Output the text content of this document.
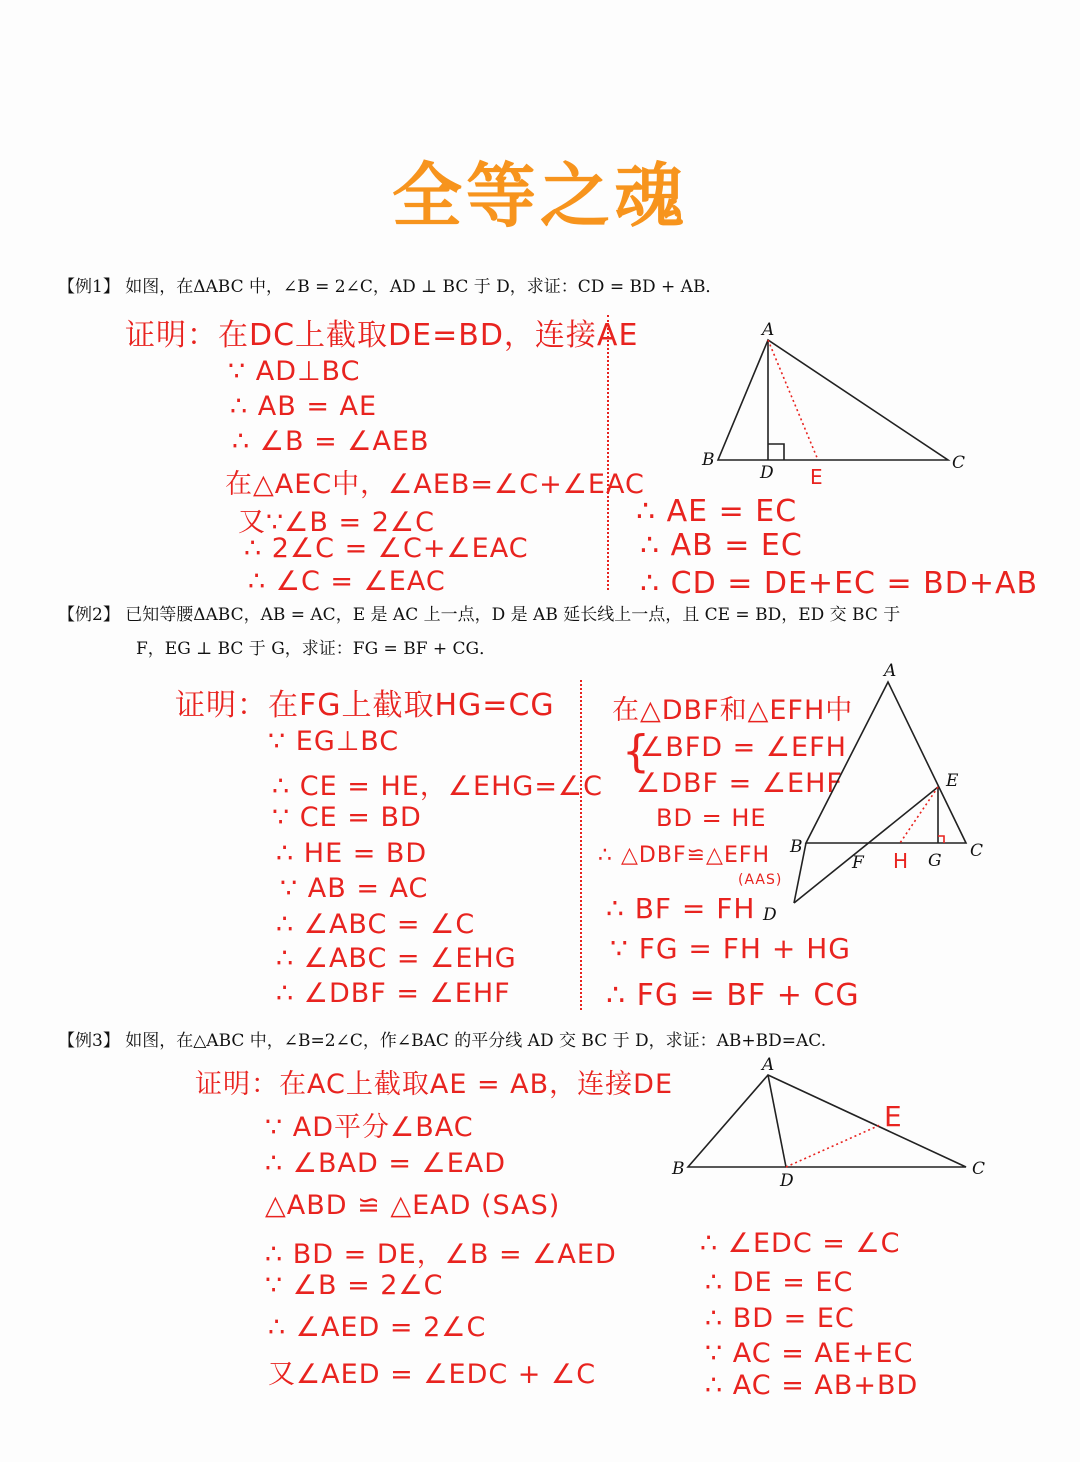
全等之魂
【例1】 如图，在ΔABC 中，∠B = 2∠C，AD ⊥ BC 于 D，求证：CD = BD + AB．
证明：在DC上截取DE=BD，连接AE
∵ AD⊥BC
∴ AB = AE
∴ ∠B = ∠AEB
在△AEC中，∠AEB=∠C+∠EAC
又∵∠B = 2∠C
∴ 2∠C = ∠C+∠EAC
∴ ∠C = ∠EAC
∴ AE = EC
∴ AB = EC
∴ CD = DE+EC = BD+AB
【例2】 已知等腰ΔABC，AB = AC，E 是 AC 上一点，D 是 AB 延长线上一点，且 CE = BD，ED 交 BC 于
F，EG ⊥ BC 于 G，求证：FG = BF + CG．
证明：在FG上截取HG=CG
∵ EG⊥BC
∴ CE = HE，∠EHG=∠C
∵ CE = BD
∴ HE = BD
∵ AB = AC
∴ ∠ABC = ∠C
∴ ∠ABC = ∠EHG
∴ ∠DBF = ∠EHF
在△DBF和△EFH中
{
∠BFD = ∠EFH
∠DBF = ∠EHF
BD = HE
∴ △DBF≌△EFH
(AAS)
∴ BF = FH
∵ FG = FH + HG
∴ FG = BF + CG
【例3】 如图，在△ABC 中，∠B=2∠C，作∠BAC 的平分线 AD 交 BC 于 D，求证：AB+BD=AC.
证明：在AC上截取AE = AB，连接DE
∵ AD平分∠BAC
∴ ∠BAD = ∠EAD
△ABD ≌ △EAD (SAS)
∴ BD = DE，∠B = ∠AED
∵ ∠B = 2∠C
∴ ∠AED = 2∠C
又∠AED = ∠EDC + ∠C
∴ ∠EDC = ∠C
∴ DE = EC
∴ BD = EC
∵ AC = AE+EC
∴ AC = AB+BD
A
B	C
D E
A
E
B	C
F H G
D
A
B	C
D
E
